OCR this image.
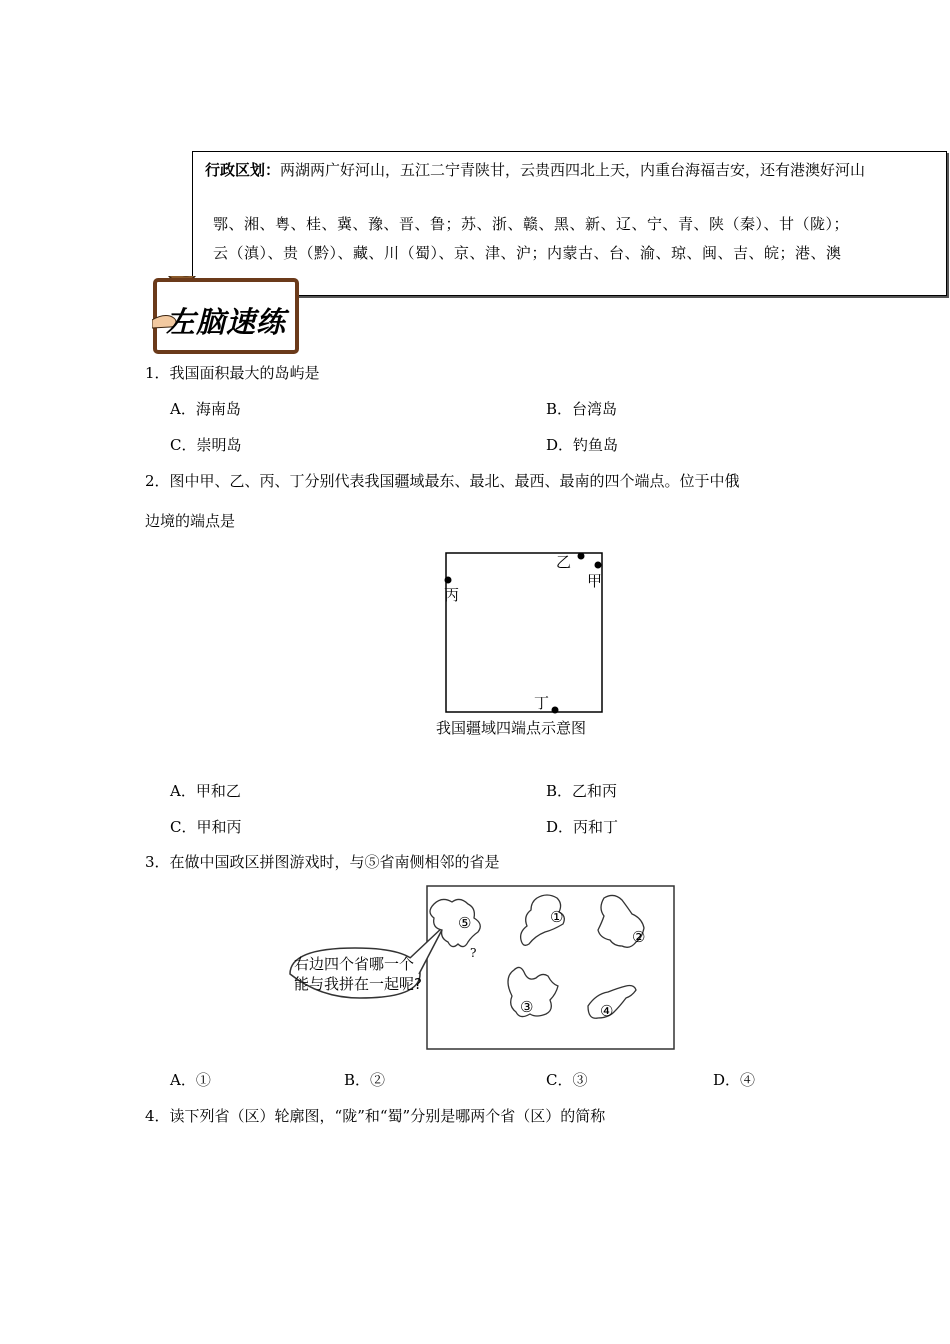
行政区划：两湖两广好河山，五江二宁青陕甘，云贵西四北上天，内重台海福吉安，还有港澳好河山
鄂、湘、粤、桂、冀、豫、晋、鲁；苏、浙、赣、黑、新、辽、宁、青、陕（秦）、甘（陇）；
云（滇）、贵（黔）、藏、川（蜀）、京、津、沪；内蒙古、台、渝、琼、闽、吉、皖；港、澳
左脑速练
1．我国面积最大的岛屿是
A．海南岛	B．台湾岛
C．崇明岛	D．钓鱼岛
2．图中甲、乙、丙、丁分别代表我国疆域最东、最北、最西、最南的四个端点。位于中俄
边境的端点是
乙
甲
丙
丁
我国疆域四端点示意图
A．甲和乙	B．乙和丙
C．甲和丙	D．丙和丁
3．在做中国政区拼图游戏时，与⑤省南侧相邻的省是
右边四个省哪一个
能与我拼在一起呢?
⑤
?
①
②
③	④
A．①	B．②	C．③	D．④
4．读下列省（区）轮廓图，“陇”和“蜀”分别是哪两个省（区）的简称
